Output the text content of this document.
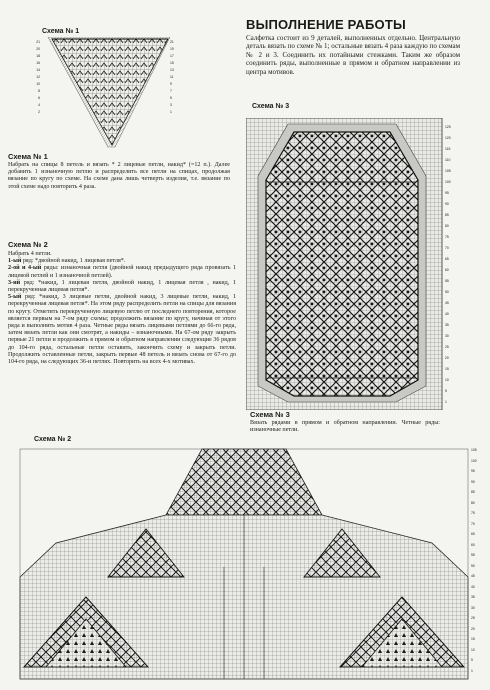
Схема № 1
21
20
18
16
14
12
10
8
6
4
2
21
19
17
15
13
11
9
7
5
3
1
Схема № 1
Набрать на спицы 8 петель и вязать * 2 лицевые петли, накид* (=12 п.). Далее добавить 1 изнаночную петлю и распределить все петли на спицах, продолжая вязание по кругу по схеме. На схеме дана лишь четверть изделия, т.е. вязание по этой схеме надо повторить 4 раза.
Схема № 2
Набрать 4 петли.
1-ый ряд: *двойной накид, 1 лицевая петля*.
2-ой и 4-ый ряды: изнаночная петля (двойной накид предыдущего ряда провязать 1 лицевой петлей и 1 изнаночной петлей).
3-ий ряд: *накид, 1 лицевая петля, двойной накид, 1 лицевая петля , накид, 1 перекрученная лицевая петля*.
5-ый ряд: *накид, 3 лицевые петли, двойной накид, 3 лицевые петли, накид, 1 перекрученная лицевая петля*. На этом ряду распределить петли на спицы для вязания по кругу. Отметить перекрученную лицевую петлю от последнего повторения, которое является первым на 7-ом ряду схемы; продолжить вязание по кругу, начиная от этого ряда и выполнить мотив 4 раза. Четные ряды вязать лицевыми петлями до 66-го ряда, затем вязать петли как они смотрят, а накиды – изнаночными. На 67-ом ряду закрыть первые 21 петли и продолжить в прямом и обратном направлении следующие 36 рядов до 104-го ряда, остальные петли оставить, закончить схему и закрыть петли. Продолжить оставленные петли, закрыть первые 48 петель и вязать снова от 67-го до 104-го ряда, на следующих 36-и петлях. Повторить на всех 4-х мотивах.
ВЫПОЛНЕНИЕ РАБОТЫ
Салфетка состоит из 9 деталей, выполненных отдельно. Центральную деталь вязать по схеме № 1; остальные вязать 4 раза каждую по схемам № 2 и 3. Соединить их потайными стежками. Таким же образом соединить ряды, выполненные в прямом и обратном направлении из центра мотивов.
Схема № 3
125
120
115
110
105
100
95
90
85
80
75
70
65
60
55
50
45
40
35
30
25
20
15
10
5
1
Схема № 3
Вязать рядами в прямом и обратном направлении. Четные ряды: изнаночные петли.
Схема № 2
105
100
95
90
85
80
75
70
65
60
55
50
45
40
35
30
25
20
15
10
5
1
